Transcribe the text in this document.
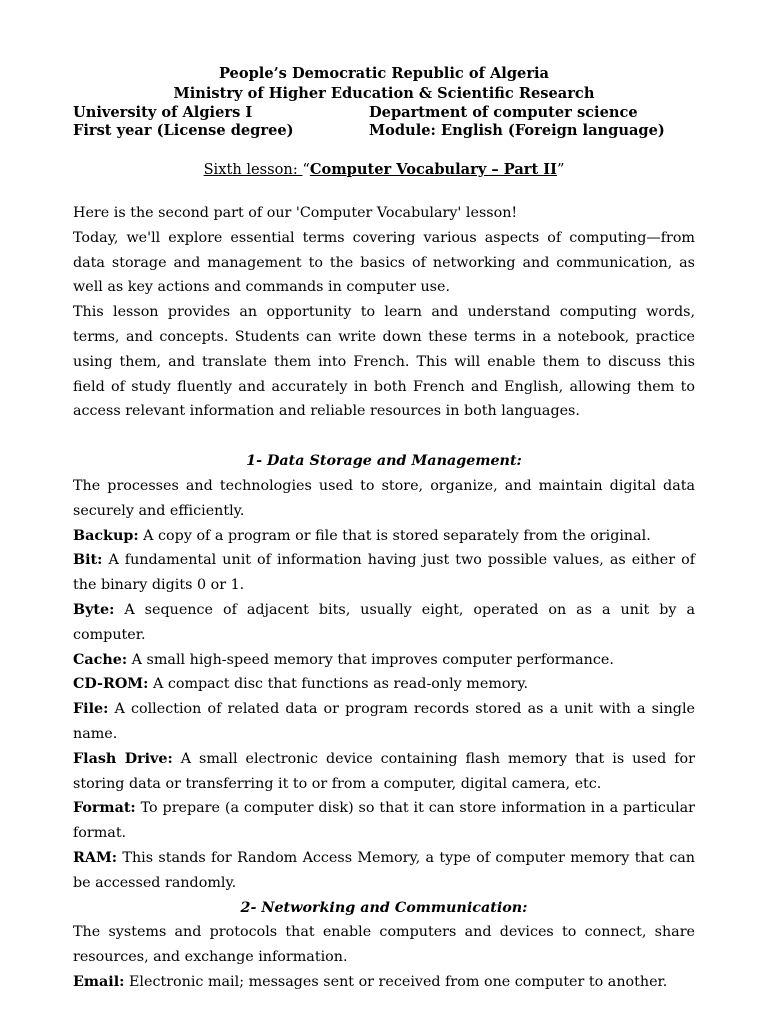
People’s Democratic Republic of Algeria
Ministry of Higher Education & Scientific Research
University of Algiers I	Department of computer science
First year (License degree)	Module: English (Foreign language)
Sixth lesson: “Computer Vocabulary – Part II”

Here is the second part of our 'Computer Vocabulary' lesson!

Today, we'll explore essential terms covering various aspects of computing—from data storage and management to the basics of networking and communication, as well as key actions and commands in computer use.

This lesson provides an opportunity to learn and understand computing words, terms, and concepts. Students can write down these terms in a notebook, practice using them, and translate them into French. This will enable them to discuss this field of study fluently and accurately in both French and English, allowing them to access relevant information and reliable resources in both languages.

1- Data Storage and Management:

The processes and technologies used to store, organize, and maintain digital data securely and efficiently.

Backup: A copy of a program or file that is stored separately from the original.

Bit: A fundamental unit of information having just two possible values, as either of the binary digits 0 or 1.

Byte: A sequence of adjacent bits, usually eight, operated on as a unit by a computer.

Cache: A small high-speed memory that improves computer performance.

CD-ROM: A compact disc that functions as read-only memory.

File: A collection of related data or program records stored as a unit with a single name.

Flash Drive: A small electronic device containing flash memory that is used for storing data or transferring it to or from a computer, digital camera, etc.

Format: To prepare (a computer disk) so that it can store information in a particular format.

RAM: This stands for Random Access Memory, a type of computer memory that can be accessed randomly.

2- Networking and Communication:

The systems and protocols that enable computers and devices to connect, share resources, and exchange information.

Email: Electronic mail; messages sent or received from one computer to another.
